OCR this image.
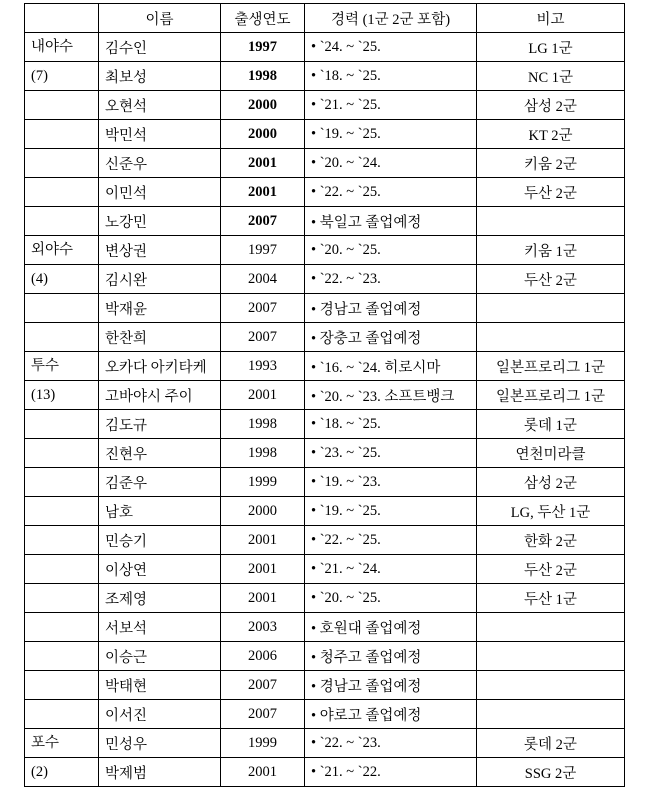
	이름	출생연도	경력 (1군 2군 포함)	비고

내야수	김수인	1997	• `24. ~ `25.	LG 1군

(7)	최보성	1998	• `18. ~ `25.	NC 1군
	오현석	2000	• `21. ~ `25.	삼성 2군
	박민석	2000	• `19. ~ `25.	KT 2군
	신준우	2001	• `20. ~ `24.	키움 2군
	이민석	2001	• `22. ~ `25.	두산 2군
	노강민	2007	• 북일고 졸업예정	

외야수	변상권	1997	• `20. ~ `25.	키움 1군

(4)	김시완	2004	• `22. ~ `23.	두산 2군
	박재윤	2007	• 경남고 졸업예정	
	한찬희	2007	• 장충고 졸업예정	

투수	오카다 아키타케	1993	• `16. ~ `24. 히로시마	일본프로리그 1군

(13)	고바야시 주이	2001	• `20. ~ `23. 소프트뱅크	일본프로리그 1군
	김도규	1998	• `18. ~ `25.	롯데 1군
	진현우	1998	• `23. ~ `25.	연천미라클
	김준우	1999	• `19. ~ `23.	삼성 2군
	남호	2000	• `19. ~ `25.	LG, 두산 1군
	민승기	2001	• `22. ~ `25.	한화 2군
	이상연	2001	• `21. ~ `24.	두산 2군
	조제영	2001	• `20. ~ `25.	두산 1군
	서보석	2003	• 호원대 졸업예정	
	이승근	2006	• 청주고 졸업예정	
	박태현	2007	• 경남고 졸업예정	
	이서진	2007	• 야로고 졸업예정	

포수	민성우	1999	• `22. ~ `23.	롯데 2군

(2)	박제범	2001	• `21. ~ `22.	SSG 2군
